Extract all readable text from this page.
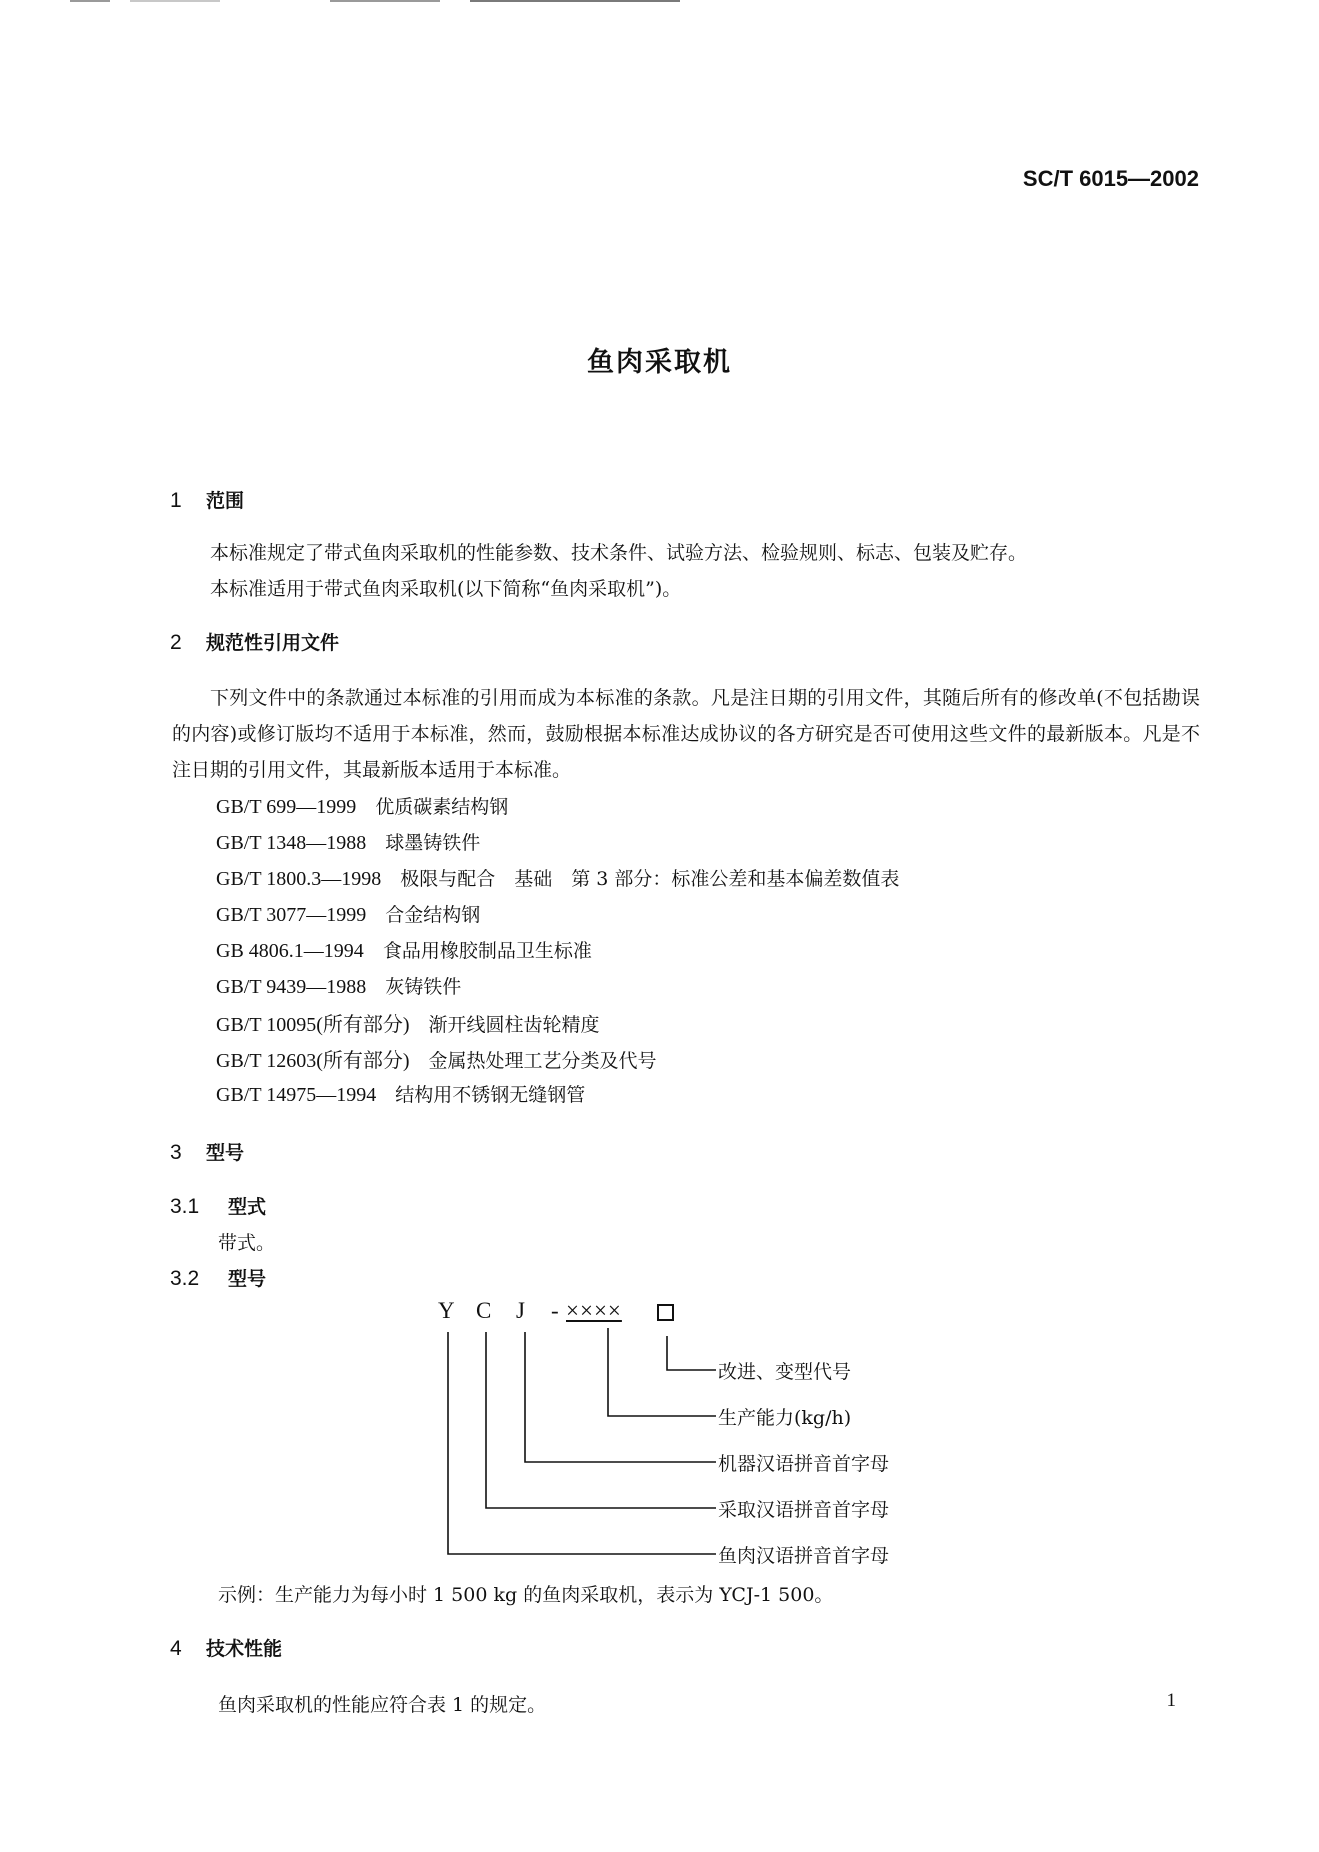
SC/T 6015—2002
鱼肉采取机
1 范围
本标准规定了带式鱼肉采取机的性能参数、技术条件、试验方法、检验规则、标志、包装及贮存。
本标准适用于带式鱼肉采取机(以下简称“鱼肉采取机”)。
2 规范性引用文件
下列文件中的条款通过本标准的引用而成为本标准的条款。凡是注日期的引用文件，其随后所有的修改单(不包括勘误的内容)或修订版均不适用于本标准，然而，鼓励根据本标准达成协议的各方研究是否可使用这些文件的最新版本。凡是不注日期的引用文件，其最新版本适用于本标准。
GB/T 699—1999　 优质碳素结构钢
GB/T 1348—1988　 球墨铸铁件
GB/T 1800.3—1998　 极限与配合　基础　第 3 部分：标准公差和基本偏差数值表
GB/T 3077—1999　 合金结构钢
GB 4806.1—1994　 食品用橡胶制品卫生标准
GB/T 9439—1988　 灰铸铁件
GB/T 10095(所有部分)　 渐开线圆柱齿轮精度
GB/T 12603(所有部分)　 金属热处理工艺分类及代号
GB/T 14975—1994　 结构用不锈钢无缝钢管
3 型号
3.1 型式
带式。
3.2 型号
Y C J - ××××
改进、变型代号
生产能力(kg/h)
机器汉语拼音首字母
采取汉语拼音首字母
鱼肉汉语拼音首字母
示例：生产能力为每小时 1 500 kg 的鱼肉采取机，表示为 YCJ-1 500。
4 技术性能
鱼肉采取机的性能应符合表 1 的规定。	1
